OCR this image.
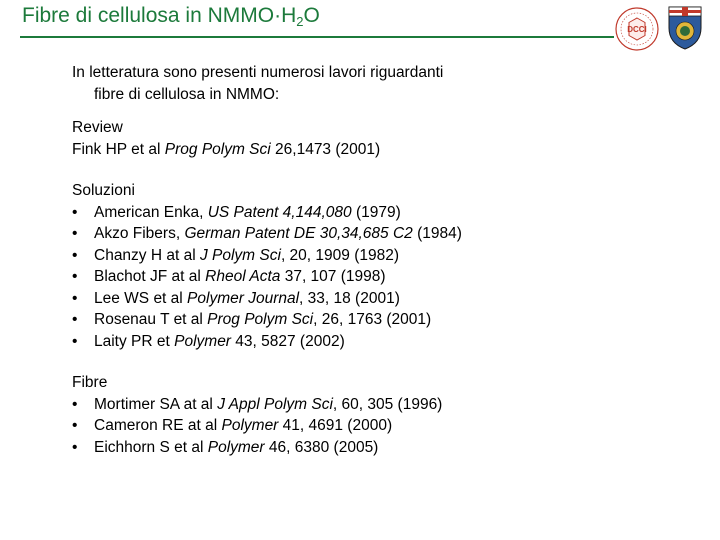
Fibre di cellulosa in $NMMO\cdot H_2O$
DCCI
In letteratura sono presenti numerosi lavori riguardanti
fibre di cellulosa in NMMO:
Review
Fink HP et al Prog Polym Sci 26,1473 (2001)
Soluzioni
•	American Enka, US Patent 4,144,080 (1979)
•	Akzo Fibers, German Patent DE 30,34,685 C2 (1984)
•	Chanzy H at al J Polym Sci, 20, 1909 (1982)
•	Blachot JF at al Rheol Acta 37, 107 (1998)
•	Lee WS et al Polymer Journal, 33, 18 (2001)
•	Rosenau T et al Prog Polym Sci, 26, 1763 (2001)
•	Laity PR et Polymer 43, 5827 (2002)
Fibre
•	Mortimer SA at al J Appl Polym Sci, 60, 305 (1996)
•	Cameron RE at al Polymer 41, 4691 (2000)
•	Eichhorn S et al Polymer 46, 6380 (2005)
